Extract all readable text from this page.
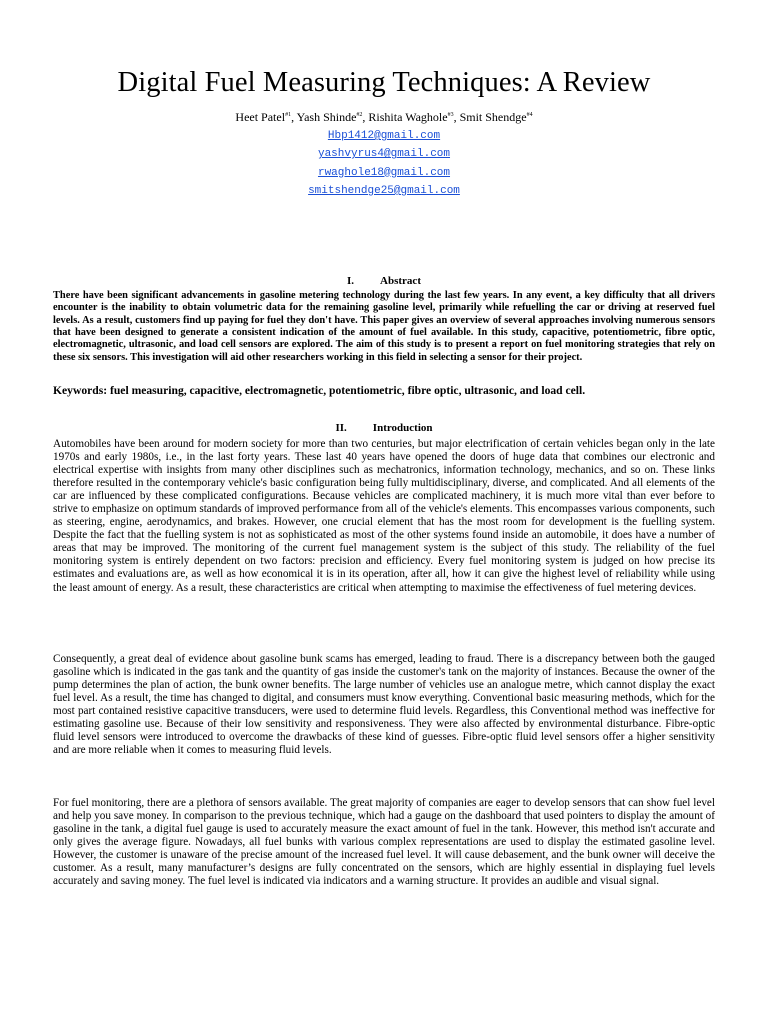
Digital Fuel Measuring Techniques: A Review
Heet Patel$^{\#1}$, Yash Shinde$^{\#2}$, Rishita Waghole$^{\#3}$, Smit Shendge$^{\#4}$
Hbp1412@gmail.com
yashvyrus4@gmail.com
rwaghole18@gmail.com
smitshendge25@gmail.com
I. Abstract

There have been significant advancements in gasoline metering technology during the last few years. In any event, a key difficulty that all drivers encounter is the inability to obtain volumetric data for the remaining gasoline level, primarily while refuelling the car or driving at reserved fuel levels. As a result, customers find up paying for fuel they don't have. This paper gives an overview of several approaches involving numerous sensors that have been designed to generate a consistent indication of the amount of fuel available. In this study, capacitive, potentiometric, fibre optic, electromagnetic, ultrasonic, and load cell sensors are explored. The aim of this study is to present a report on fuel monitoring strategies that rely on these six sensors. This investigation will aid other researchers working in this field in selecting a sensor for their project.

Keywords: fuel measuring, capacitive, electromagnetic, potentiometric, fibre optic, ultrasonic, and load cell.

II. Introduction

Automobiles have been around for modern society for more than two centuries, but major electrification of certain vehicles began only in the late 1970s and early 1980s, i.e., in the last forty years. These last 40 years have opened the doors of huge data that combines our electronic and electrical expertise with insights from many other disciplines such as mechatronics, information technology, mechanics, and so on. These links therefore resulted in the contemporary vehicle's basic configuration being fully multidisciplinary, diverse, and complicated. And all elements of the car are influenced by these complicated configurations. Because vehicles are complicated machinery, it is much more vital than ever before to strive to emphasize on optimum standards of improved performance from all of the vehicle's elements. This encompasses various components, such as steering, engine, aerodynamics, and brakes. However, one crucial element that has the most room for development is the fuelling system. Despite the fact that the fuelling system is not as sophisticated as most of the other systems found inside an automobile, it does have a number of areas that may be improved. The monitoring of the current fuel management system is the subject of this study. The reliability of the fuel monitoring system is entirely dependent on two factors: precision and efficiency. Every fuel monitoring system is judged on how precise its estimates and evaluations are, as well as how economical it is in its operation, after all, how it can give the highest level of reliability while using the least amount of energy. As a result, these characteristics are critical when attempting to maximise the effectiveness of fuel metering devices.

Consequently, a great deal of evidence about gasoline bunk scams has emerged, leading to fraud. There is a discrepancy between both the gauged gasoline which is indicated in the gas tank and the quantity of gas inside the customer's tank on the majority of instances. Because the owner of the pump determines the plan of action, the bunk owner benefits. The large number of vehicles use an analogue metre, which cannot display the exact fuel level. As a result, the time has changed to digital, and consumers must know everything. Conventional basic measuring methods, which for the most part contained resistive capacitive transducers, were used to determine fluid levels. Regardless, this Conventional method was ineffective for estimating gasoline use. Because of their low sensitivity and responsiveness. They were also affected by environmental disturbance. Fibre-optic fluid level sensors were introduced to overcome the drawbacks of these kind of guesses. Fibre-optic fluid level sensors offer a higher sensitivity and are more reliable when it comes to measuring fluid levels.

For fuel monitoring, there are a plethora of sensors available. The great majority of companies are eager to develop sensors that can show fuel level and help you save money. In comparison to the previous technique, which had a gauge on the dashboard that used pointers to display the amount of gasoline in the tank, a digital fuel gauge is used to accurately measure the exact amount of fuel in the tank. However, this method isn't accurate and only gives the average figure. Nowadays, all fuel bunks with various complex representations are used to display the estimated gasoline level. However, the customer is unaware of the precise amount of the increased fuel level. It will cause debasement, and the bunk owner will deceive the customer. As a result, many manufacturer’s designs are fully concentrated on the sensors, which are highly essential in displaying fuel levels accurately and saving money. The fuel level is indicated via indicators and a warning structure. It provides an audible and visual signal.
